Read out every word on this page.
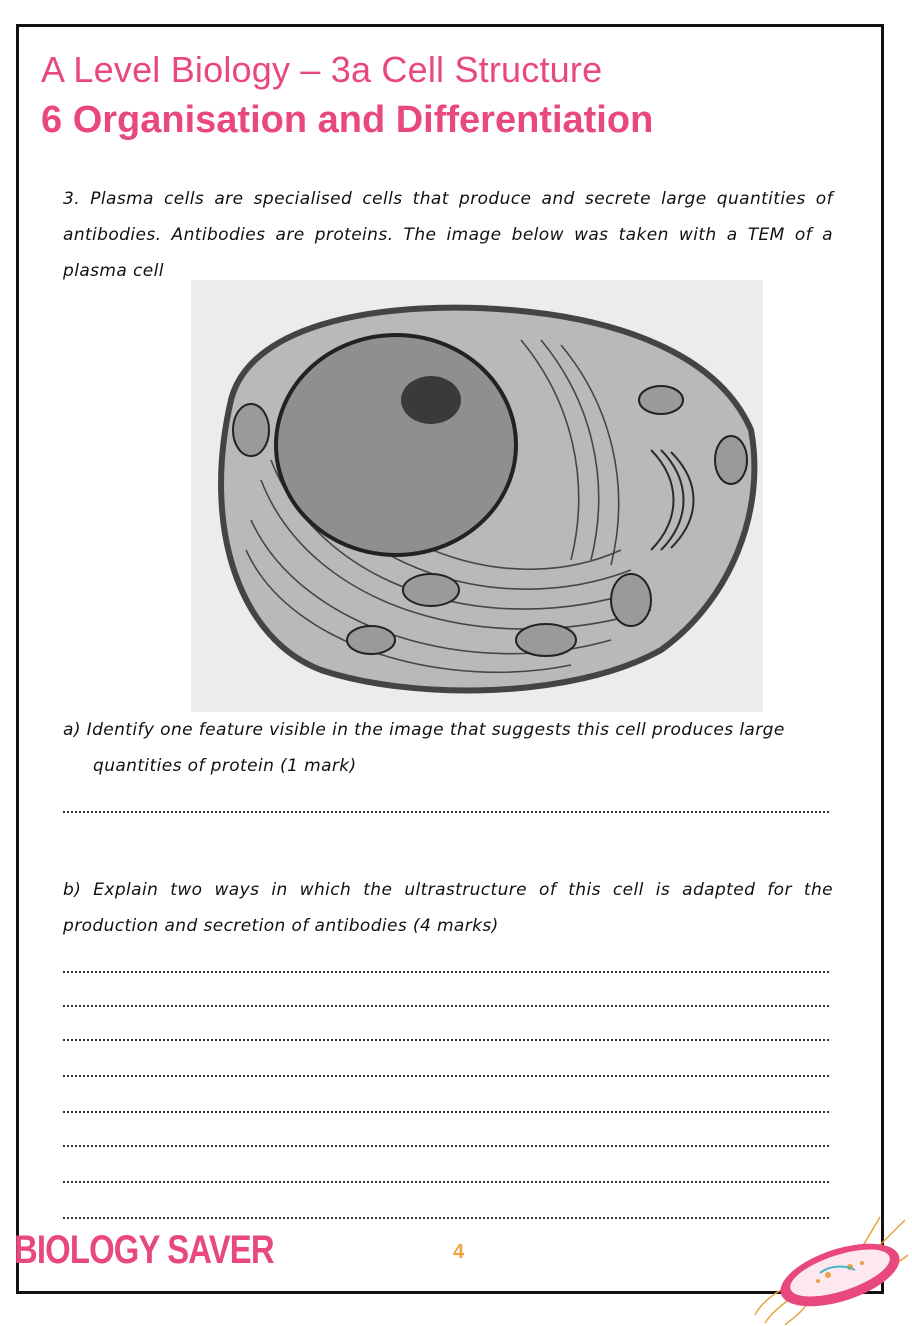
A Level Biology – 3a Cell Structure
6 Organisation and Differentiation
3. Plasma cells are specialised cells that produce and secrete large quantities of antibodies. Antibodies are proteins. The image below was taken with a TEM of a plasma cell
a) Identify one feature visible in the image that suggests this cell produces large
quantities of protein (1 mark)
b) Explain two ways in which the ultrastructure of this cell is adapted for the production and secretion of antibodies (4 marks)
4
BIOLOGY SAVER
